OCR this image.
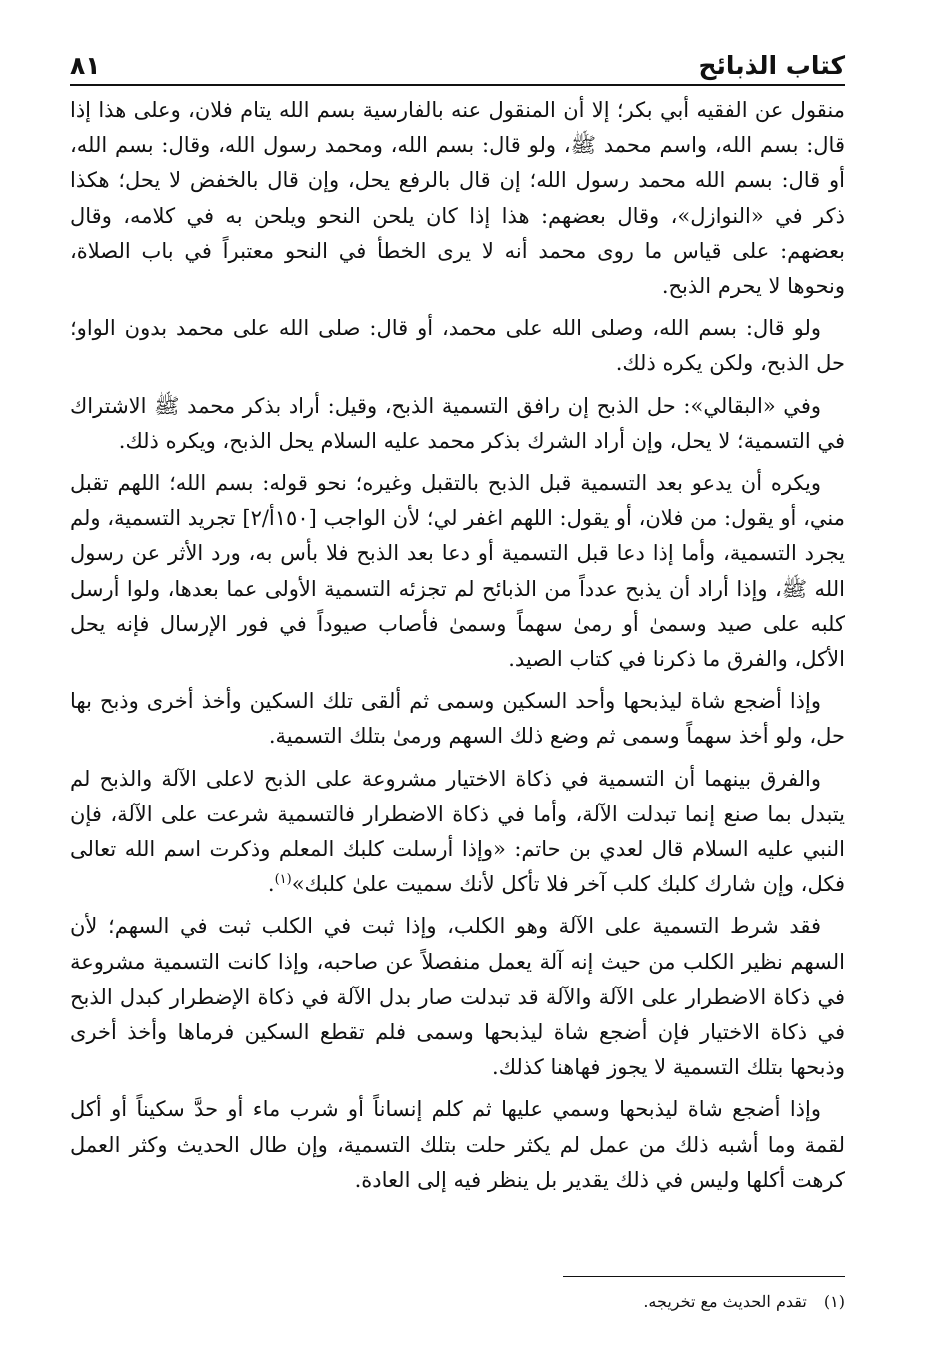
كتاب الذبائح
٨١

منقول عن الفقيه أبي بكر؛ إلا أن المنقول عنه بالفارسية بسم الله يتام فلان، وعلى هذا إذا قال: بسم الله، واسم محمد ﷺ، ولو قال: بسم الله، ومحمد رسول الله، وقال: بسم الله، أو قال: بسم الله محمد رسول الله؛ إن قال بالرفع يحل، وإن قال بالخفض لا يحل؛ هكذا ذكر في «النوازل»، وقال بعضهم: هذا إذا كان يلحن النحو ويلحن به في كلامه، وقال بعضهم: على قياس ما روى محمد أنه لا يرى الخطأ في النحو معتبراً في باب الصلاة، ونحوها لا يحرم الذبح.

ولو قال: بسم الله، وصلى الله على محمد، أو قال: صلى الله على محمد بدون الواو؛ حل الذبح، ولكن يكره ذلك.

وفي «البقالي»: حل الذبح إن رافق التسمية الذبح، وقيل: أراد بذكر محمد ﷺ الاشتراك في التسمية؛ لا يحل، وإن أراد الشرك بذكر محمد عليه السلام يحل الذبح، ويكره ذلك.

ويكره أن يدعو بعد التسمية قبل الذبح بالتقبل وغيره؛ نحو قوله: بسم الله؛ اللهم تقبل مني، أو يقول: من فلان، أو يقول: اللهم اغفر لي؛ لأن الواجب [١٥٠أ/٢] تجريد التسمية، ولم يجرد التسمية، وأما إذا دعا قبل التسمية أو دعا بعد الذبح فلا بأس به، ورد الأثر عن رسول الله ﷺ، وإذا أراد أن يذبح عدداً من الذبائح لم تجزئه التسمية الأولى عما بعدها، ولوا أرسل كلبه على صيد وسمىٰ أو رمىٰ سهماً وسمىٰ فأصاب صيوداً في فور الإرسال فإنه يحل الأكل، والفرق ما ذكرنا في كتاب الصيد.

وإذا أضجع شاة ليذبحها وأحد السكين وسمى ثم ألقى تلك السكين وأخذ أخرى وذبح بها حل، ولو أخذ سهماً وسمى ثم وضع ذلك السهم ورمىٰ بتلك التسمية.

والفرق بينهما أن التسمية في ذكاة الاختيار مشروعة على الذبح لاعلى الآلة والذبح لم يتبدل بما صنع إنما تبدلت الآلة، وأما في ذكاة الاضطرار فالتسمية شرعت على الآلة، فإن النبي عليه السلام قال لعدي بن حاتم: «وإذا أرسلت كلبك المعلم وذكرت اسم الله تعالى فكل، وإن شارك كلبك كلب آخر فلا تأكل لأنك سميت علىٰ كلبك»$^{(١)}$.

فقد شرط التسمية على الآلة وهو الكلب، وإذا ثبت في الكلب ثبت في السهم؛ لأن السهم نظير الكلب من حيث إنه آلة يعمل منفصلاً عن صاحبه، وإذا كانت التسمية مشروعة في ذكاة الاضطرار على الآلة والآلة قد تبدلت صار بدل الآلة في ذكاة الإضطرار كبدل الذبح في ذكاة الاختيار فإن أضجع شاة ليذبحها وسمى فلم تقطع السكين فرماها وأخذ أخرى وذبحها بتلك التسمية لا يجوز فهاهنا كذلك.

وإذا أضجع شاة ليذبحها وسمي عليها ثم كلم إنساناً أو شرب ماء أو حدَّ سكيناً أو أكل لقمة وما أشبه ذلك من عمل لم يكثر حلت بتلك التسمية، وإن طال الحديث وكثر العمل كرهت أكلها وليس في ذلك يقدير بل ينظر فيه إلى العادة.

(١) تقدم الحديث مع تخريجه.
